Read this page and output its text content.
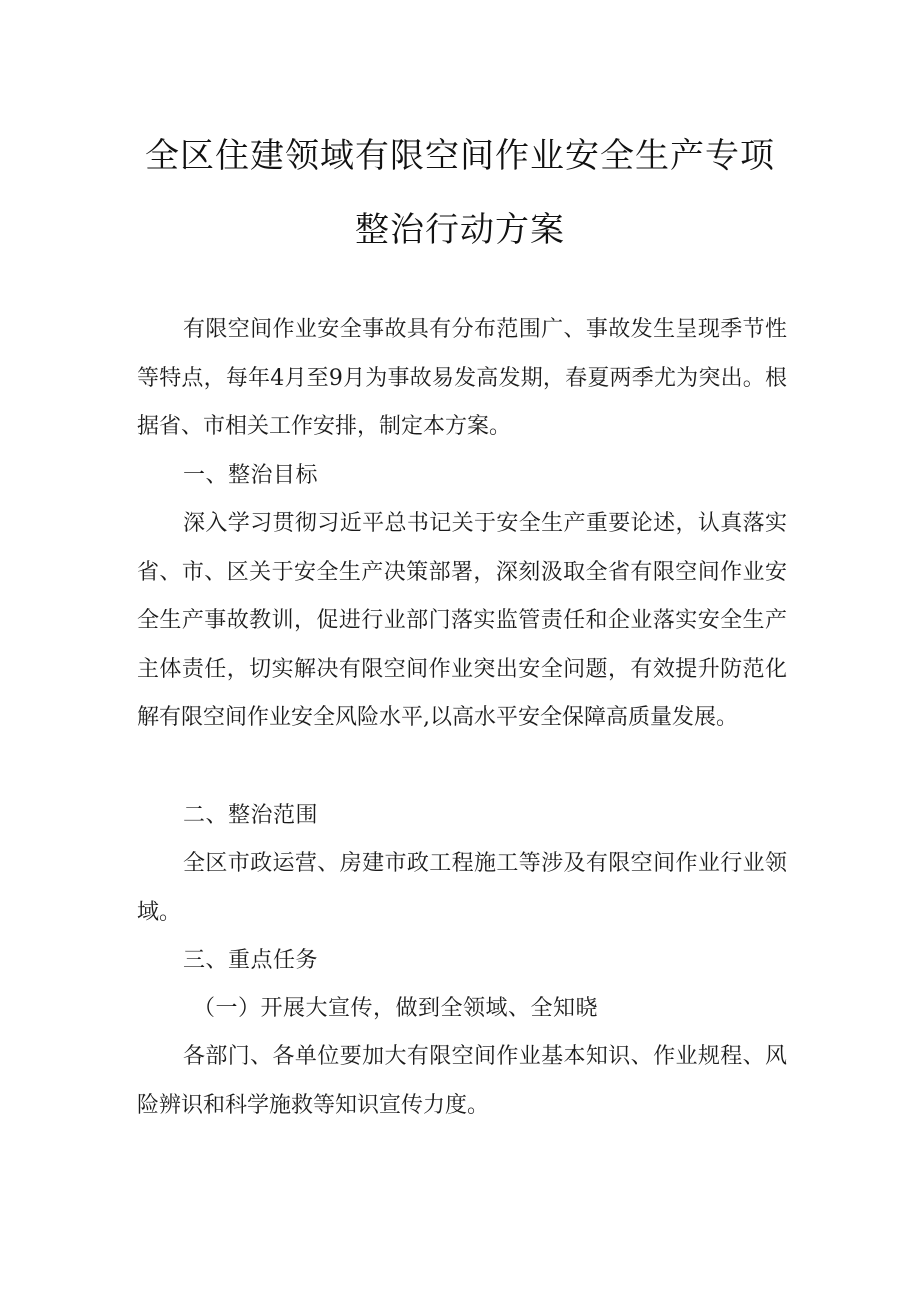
全区住建领域有限空间作业安全生产专项
整治行动方案

有限空间作业安全事故具有分布范围广、事故发生呈现季节性等特点，每年4月至9月为事故易发高发期，春夏两季尤为突出。根据省、市相关工作安排，制定本方案。

一、整治目标

深入学习贯彻习近平总书记关于安全生产重要论述，认真落实省、市、区关于安全生产决策部署，深刻汲取全省有限空间作业安全生产事故教训，促进行业部门落实监管责任和企业落实安全生产主体责任，切实解决有限空间作业突出安全问题，有效提升防范化解有限空间作业安全风险水平,以高水平安全保障高质量发展。

二、整治范围

全区市政运营、房建市政工程施工等涉及有限空间作业行业领域。

三、重点任务

（一）开展大宣传，做到全领域、全知晓

各部门、各单位要加大有限空间作业基本知识、作业规程、风险辨识和科学施救等知识宣传力度。
